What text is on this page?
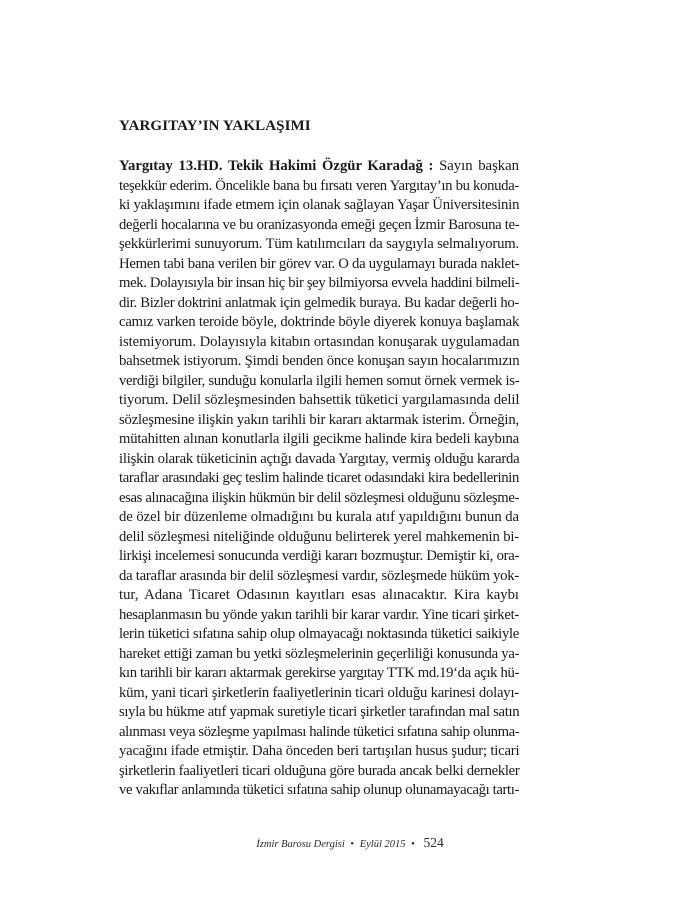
YARGITAY’IN YAKLAŞIMI
Yargıtay 13.HD. Tekik Hakimi Özgür Karadağ : Sayın başkan
teşekkür ederim. Öncelikle bana bu fırsatı veren Yargıtay’ın bu konuda-
ki yaklaşımını ifade etmem için olanak sağlayan Yaşar Üniversitesinin
değerli hocalarına ve bu oranizasyonda emeği geçen İzmir Barosuna te-
şekkürlerimi sunuyorum. Tüm katılımcıları da saygıyla selmalıyorum.
Hemen tabi bana verilen bir görev var. O da uygulamayı burada naklet-
mek. Dolayısıyla bir insan hiç bir şey bilmiyorsa evvela haddini bilmeli-
dir. Bizler doktrini anlatmak için gelmedik buraya. Bu kadar değerli ho-
camız varken teroide böyle, doktrinde böyle diyerek konuya başlamak
istemiyorum. Dolayısıyla kitabın ortasından konuşarak uygulamadan
bahsetmek istiyorum. Şimdi benden önce konuşan sayın hocalarımızın
verdiği bilgiler, sunduğu konularla ilgili hemen somut örnek vermek is-
tiyorum. Delil sözleşmesinden bahsettik tüketici yargılamasında delil
sözleşmesine ilişkin yakın tarihli bir kararı aktarmak isterim. Örneğin,
mütahitten alınan konutlarla ilgili gecikme halinde kira bedeli kaybına
ilişkin olarak tüketicinin açtığı davada Yargıtay, vermiş olduğu kararda
taraflar arasındaki geç teslim halinde ticaret odasındaki kira bedellerinin
esas alınacağına ilişkin hükmün bir delil sözleşmesi olduğunu sözleşme-
de özel bir düzenleme olmadığını bu kurala atıf yapıldığını bunun da
delil sözleşmesi niteliğinde olduğunu belirterek yerel mahkemenin bi-
lirkişi incelemesi sonucunda verdiği kararı bozmuştur. Demiştir ki, ora-
da taraflar arasında bir delil sözleşmesi vardır, sözleşmede hüküm yok-
tur, Adana Ticaret Odasının kayıtları esas alınacaktır. Kira kaybı
hesaplanmasın bu yönde yakın tarihli bir karar vardır. Yine ticari şirket-
lerin tüketici sıfatına sahip olup olmayacağı noktasında tüketici saikiyle
hareket ettiği zaman bu yetki sözleşmelerinin geçerliliği konusunda ya-
kın tarihli bir kararı aktarmak gerekirse yargıtay TTK md.19‘da açık hü-
küm, yani ticari şirketlerin faaliyetlerinin ticari olduğu karinesi dolayı-
sıyla bu hükme atıf yapmak suretiyle ticari şirketler tarafından mal satın
alınması veya sözleşme yapılması halinde tüketici sıfatına sahip olunma-
yacağını ifade etmiştir. Daha önceden beri tartışılan husus şudur; ticari
şirketlerin faaliyetleri ticari olduğuna göre burada ancak belki dernekler
ve vakıflar anlamında tüketici sıfatına sahip olunup olunamayacağı tartı-
İzmir Barosu Dergisi • Eylül 2015 • 524
